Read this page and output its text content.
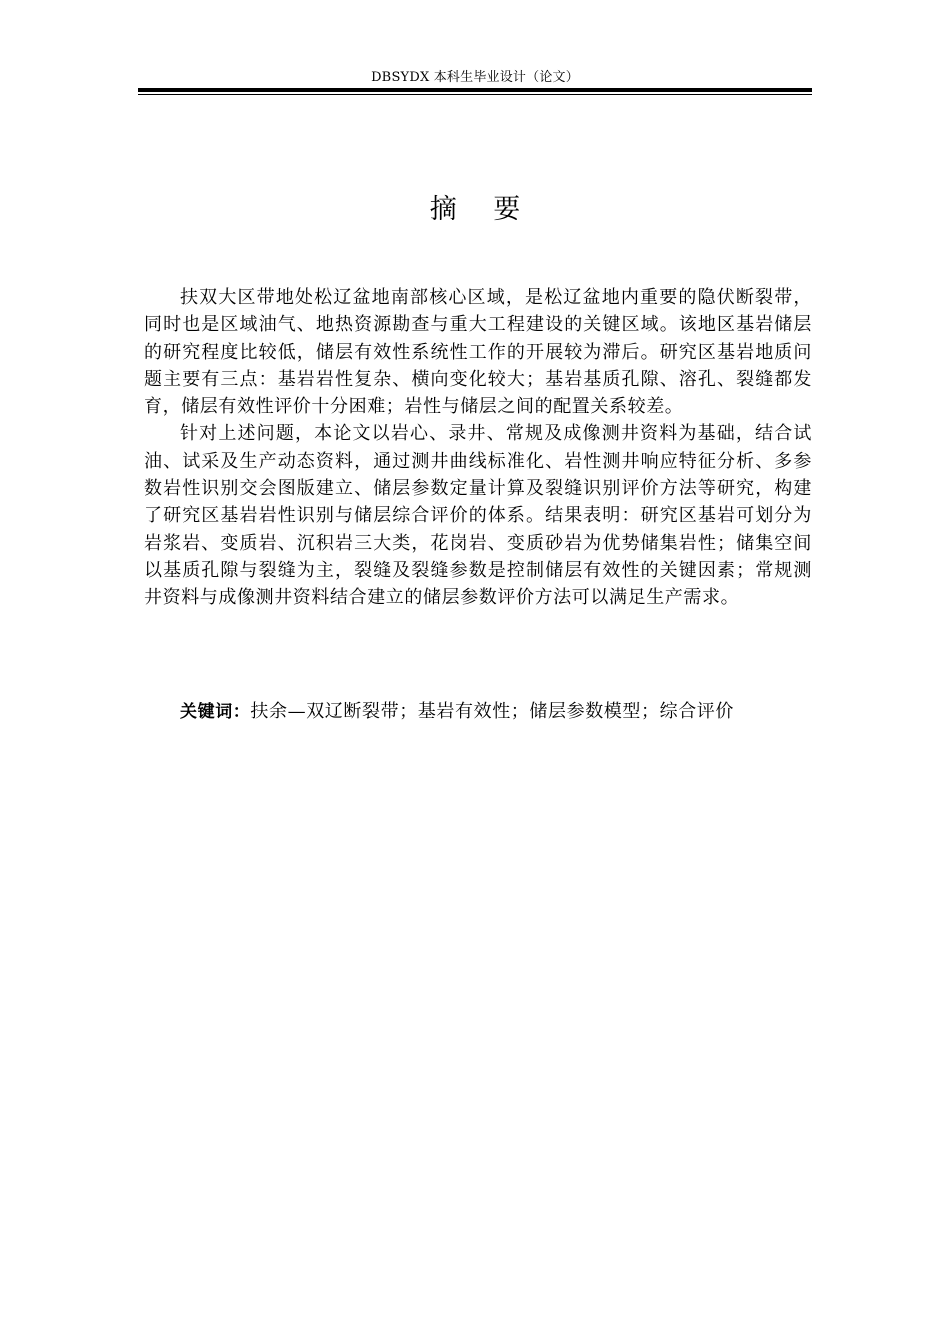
DBSYDX 本科生毕业设计（论文）
摘 要

扶双大区带地处松辽盆地南部核心区域，是松辽盆地内重要的隐伏断裂带，同时也是区域油气、地热资源勘查与重大工程建设的关键区域。该地区基岩储层的研究程度比较低，储层有效性系统性工作的开展较为滞后。研究区基岩地质问题主要有三点：基岩岩性复杂、横向变化较大；基岩基质孔隙、溶孔、裂缝都发育，储层有效性评价十分困难；岩性与储层之间的配置关系较差。

针对上述问题，本论文以岩心、录井、常规及成像测井资料为基础，结合试油、试采及生产动态资料，通过测井曲线标准化、岩性测井响应特征分析、多参数岩性识别交会图版建立、储层参数定量计算及裂缝识别评价方法等研究，构建了研究区基岩岩性识别与储层综合评价的体系。结果表明：研究区基岩可划分为岩浆岩、变质岩、沉积岩三大类，花岗岩、变质砂岩为优势储集岩性；储集空间以基质孔隙与裂缝为主，裂缝及裂缝参数是控制储层有效性的关键因素；常规测井资料与成像测井资料结合建立的储层参数评价方法可以满足生产需求。

关键词：扶余—双辽断裂带；基岩有效性；储层参数模型；综合评价
